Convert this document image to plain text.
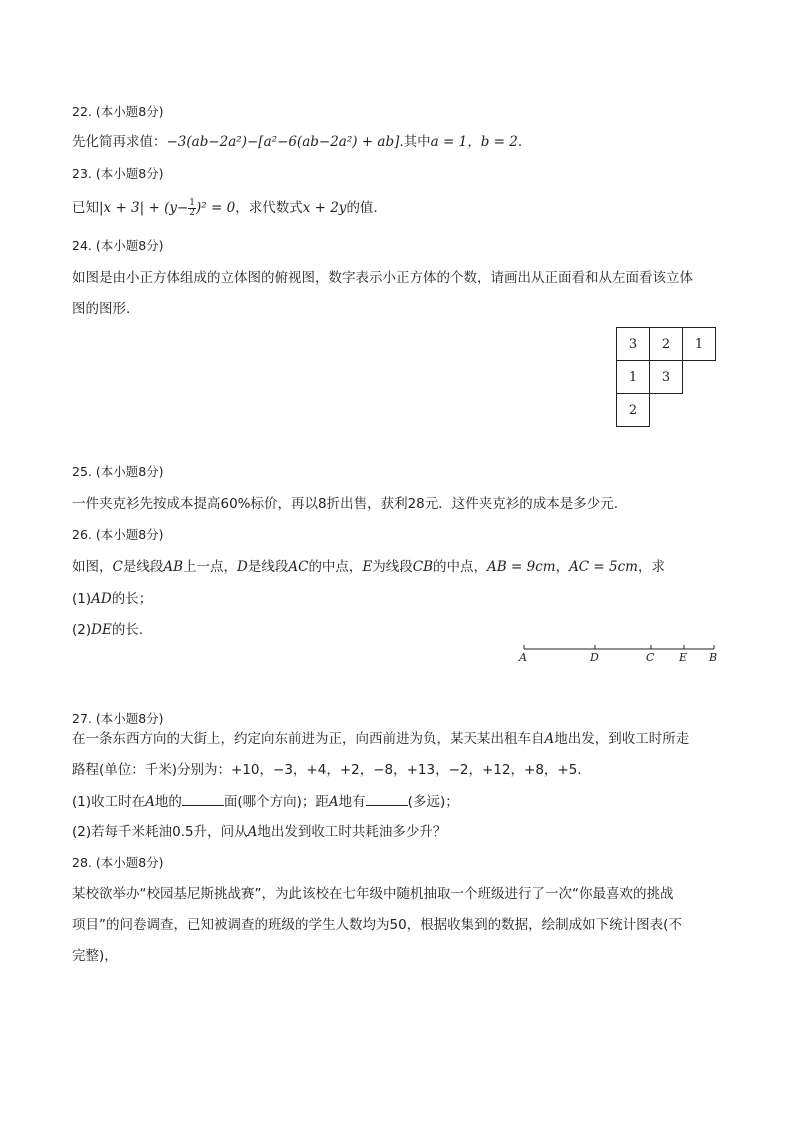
22. (本小题8分)
先化简再求值：−3(ab−2a²)−[a²−6(ab−2a²) + ab].其中a = 1，b = 2.
23. (本小题8分)
已知$|x + 3| + (y- \frac{1}{2} )^2 = 0$，求代数式x + 2y的值.
24. (本小题8分)
如图是由小正方体组成的立体图的俯视图，数字表示小正方体的个数，请画出从正面看和从左面看该立体
图的图形.
3	2	1
1	3
2
25. (本小题8分)
一件夹克衫先按成本提高60%标价，再以8折出售，获利28元．这件夹克衫的成本是多少元.
26. (本小题8分)
如图，C是线段AB上一点，D是线段AC的中点，E为线段CB的中点，AB = 9cm，AC = 5cm，求
(1)AD的长；
(2)DE的长.
A	D	C E B
27. (本小题8分)
在一条东西方向的大街上，约定向东前进为正，向西前进为负，某天某出租车自A地出发，到收工时所走
路程(单位：千米)分别为：+10，−3，+4，+2，−8，+13，−2，+12，+8，+5.
(1)收工时在A地的	面(哪个方向)；距A地有	(多远)；
(2)若每千米耗油0.5升，问从A地出发到收工时共耗油多少升？
28. (本小题8分)
某校欲举办“校园基尼斯挑战赛”，为此该校在七年级中随机抽取一个班级进行了一次“你最喜欢的挑战
项目”的问卷调查，已知被调查的班级的学生人数均为50，根据收集到的数据，绘制成如下统计图表(不
完整)，
